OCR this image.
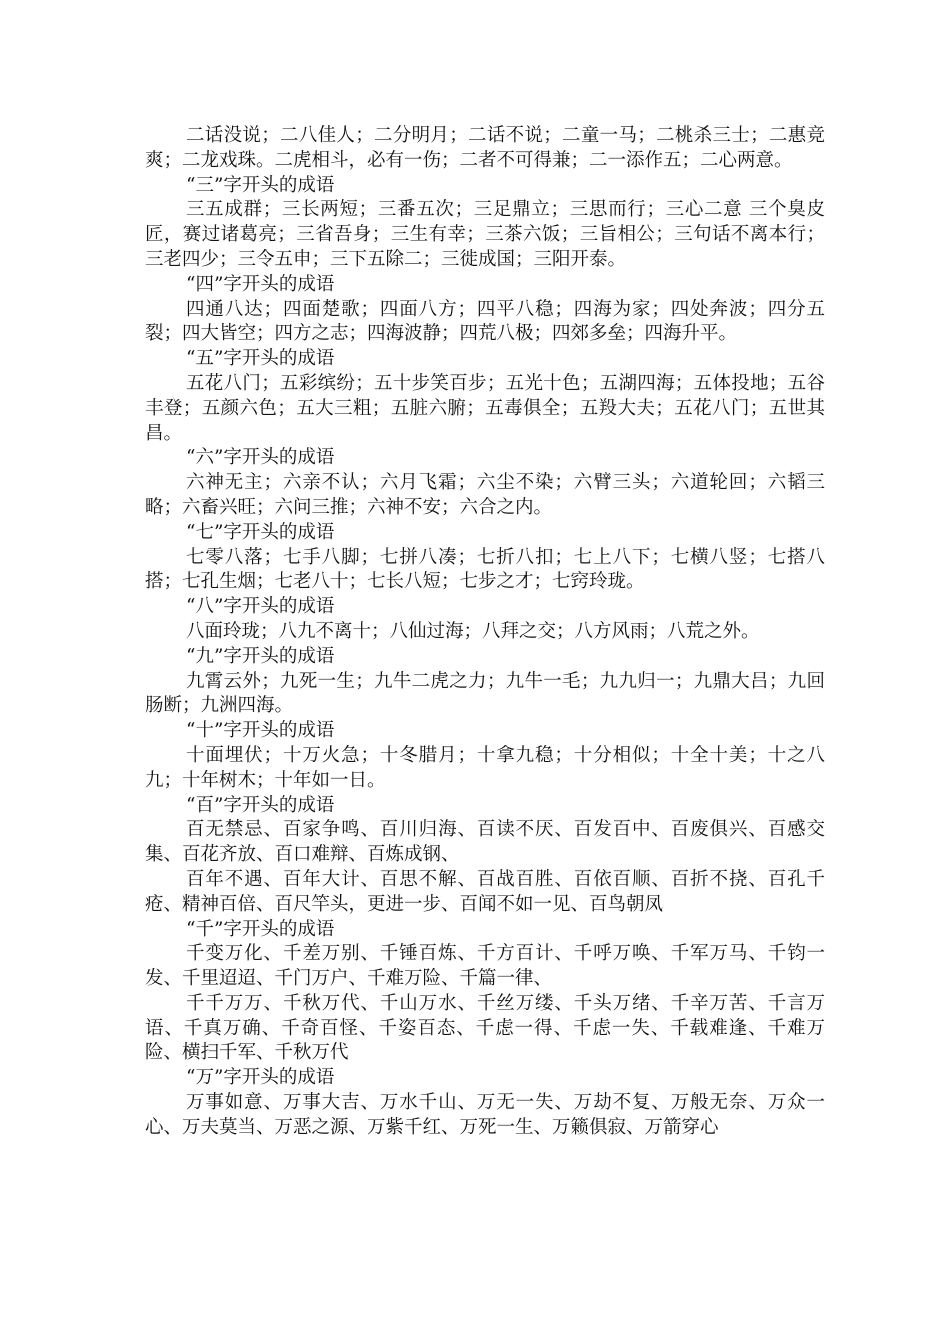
二话没说；二八佳人；二分明月；二话不说；二童一马；二桃杀三士；二惠竞爽；二龙戏珠。二虎相斗，必有一伤；二者不可得兼；二一添作五；二心两意。

“三”字开头的成语

三五成群；三长两短；三番五次；三足鼎立；三思而行；三心二意 三个臭皮匠，赛过诸葛亮；三省吾身；三生有幸；三茶六饭；三旨相公；三句话不离本行；三老四少；三令五申；三下五除二；三徙成国；三阳开泰。

“四”字开头的成语

四通八达；四面楚歌；四面八方；四平八稳；四海为家；四处奔波；四分五裂；四大皆空；四方之志；四海波静；四荒八极；四郊多垒；四海升平。

“五”字开头的成语

五花八门；五彩缤纷；五十步笑百步；五光十色；五湖四海；五体投地；五谷丰登；五颜六色；五大三粗；五脏六腑；五毒俱全；五羖大夫；五花八门；五世其昌。

“六”字开头的成语

六神无主；六亲不认；六月飞霜；六尘不染；六臂三头；六道轮回；六韬三略；六畜兴旺；六问三推；六神不安；六合之内。

“七”字开头的成语

七零八落；七手八脚；七拼八凑；七折八扣；七上八下；七横八竖；七搭八搭；七孔生烟；七老八十；七长八短；七步之才；七窍玲珑。

“八”字开头的成语

八面玲珑；八九不离十；八仙过海；八拜之交；八方风雨；八荒之外。

“九”字开头的成语

九霄云外；九死一生；九牛二虎之力；九牛一毛；九九归一；九鼎大吕；九回肠断；九洲四海。

“十”字开头的成语

十面埋伏；十万火急；十冬腊月；十拿九稳；十分相似；十全十美；十之八九；十年树木；十年如一日。

“百”字开头的成语

百无禁忌、百家争鸣、百川归海、百读不厌、百发百中、百废俱兴、百感交集、百花齐放、百口难辩、百炼成钢、

百年不遇、百年大计、百思不解、百战百胜、百依百顺、百折不挠、百孔千疮、精神百倍、百尺竿头，更进一步、百闻不如一见、百鸟朝凤

“千”字开头的成语

千变万化、千差万别、千锤百炼、千方百计、千呼万唤、千军万马、千钧一发、千里迢迢、千门万户、千难万险、千篇一律、

千千万万、千秋万代、千山万水、千丝万缕、千头万绪、千辛万苦、千言万语、千真万确、千奇百怪、千姿百态、千虑一得、千虑一失、千载难逢、千难万险、横扫千军、千秋万代

“万”字开头的成语

万事如意、万事大吉、万水千山、万无一失、万劫不复、万般无奈、万众一心、万夫莫当、万恶之源、万紫千红、万死一生、万籁俱寂、万箭穿心
